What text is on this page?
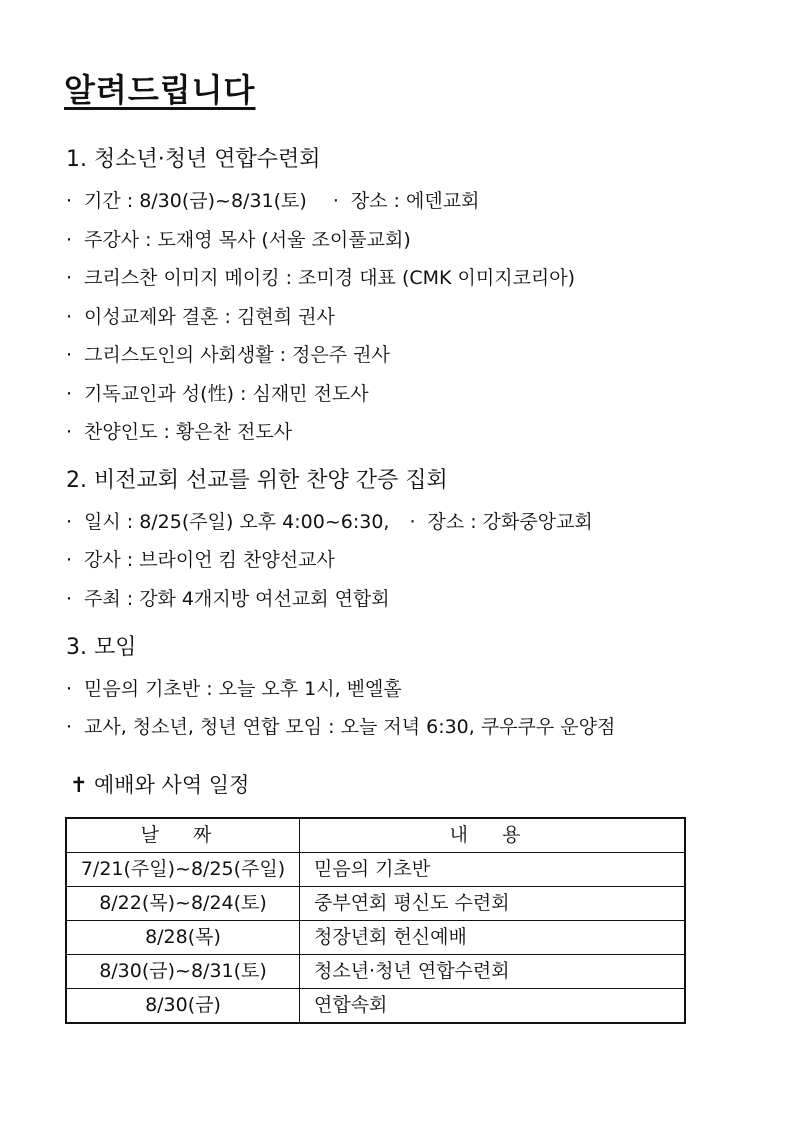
알려드립니다
1. 청소년·청년 연합수련회
· 기간 : 8/30(금)~8/31(토) · 장소 : 에덴교회
· 주강사 : 도재영 목사 (서울 조이풀교회)
· 크리스찬 이미지 메이킹 : 조미경 대표 (CMK 이미지코리아)
· 이성교제와 결혼 : 김현희 권사
· 그리스도인의 사회생활 : 정은주 권사
· 기독교인과 성(性) : 심재민 전도사
· 찬양인도 : 황은찬 전도사
2. 비전교회 선교를 위한 찬양 간증 집회
· 일시 : 8/25(주일) 오후 4:00~6:30, · 장소 : 강화중앙교회
· 강사 : 브라이언 킴 찬양선교사
· 주최 : 강화 4개지방 여선교회 연합회
3. 모임
· 믿음의 기초반 : 오늘 오후 1시, 벧엘홀
· 교사, 청소년, 청년 연합 모임 : 오늘 저녁 6:30, 쿠우쿠우 운양점
✝ 예배와 사역 일정
날 짜	내 용
7/21(주일)~8/25(주일)	믿음의 기초반
8/22(목)~8/24(토)	중부연회 평신도 수련회
8/28(목)	청장년회 헌신예배
8/30(금)~8/31(토)	청소년·청년 연합수련회
8/30(금)	연합속회
